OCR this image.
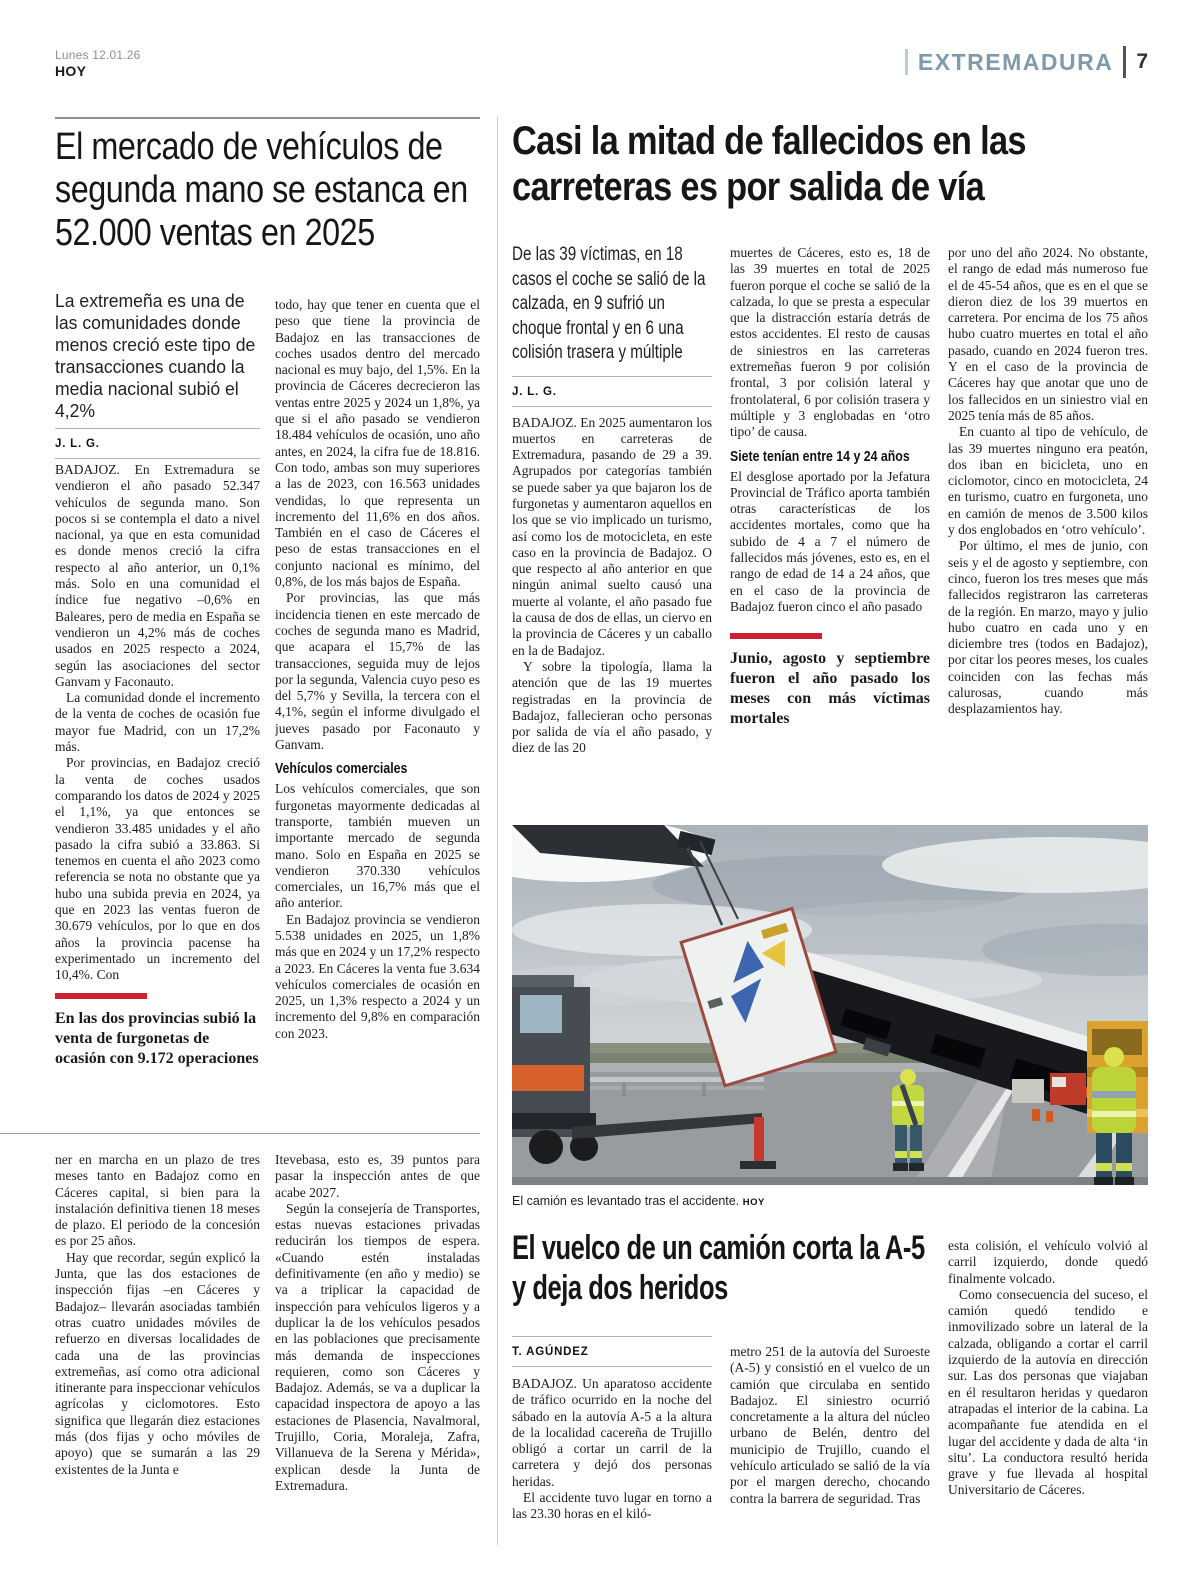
Lunes 12.01.26
HOY	EXTREMADURA 7
El mercado de vehículos de segunda mano se estanca en 52.000 ventas en 2025
La extremeña es una de las comunidades donde menos creció este tipo de transacciones cuando la media nacional subió el 4,2%
J. L. G.

BADAJOZ. En Extremadura se vendieron el año pasado 52.347 vehículos de segunda mano. Son pocos si se contempla el dato a nivel nacional, ya que en esta comunidad es donde menos creció la cifra respecto al año anterior, un 0,1% más. Solo en una comunidad el índice fue negativo –0,6% en Baleares, pero de media en España se vendieron un 4,2% más de coches usados en 2025 respecto a 2024, según las asociaciones del sector Ganvam y Faconauto.

La comunidad donde el incremento de la venta de coches de ocasión fue mayor fue Madrid, con un 17,2% más.

Por provincias, en Badajoz creció la venta de coches usados comparando los datos de 2024 y 2025 el 1,1%, ya que entonces se vendieron 33.485 unidades y el año pasado la cifra subió a 33.863. Si tenemos en cuenta el año 2023 como referencia se nota no obstante que ya hubo una subida previa en 2024, ya que en 2023 las ventas fueron de 30.679 vehículos, por lo que en dos años la provincia pacense ha experimentado un incremento del 10,4%. Con

En las dos provincias subió la venta de furgonetas de ocasión con 9.172 operaciones

todo, hay que tener en cuenta que el peso que tiene la provincia de Badajoz en las transacciones de coches usados dentro del mercado nacional es muy bajo, del 1,5%. En la provincia de Cáceres decrecieron las ventas entre 2025 y 2024 un 1,8%, ya que si el año pasado se vendieron 18.484 vehículos de ocasión, uno año antes, en 2024, la cifra fue de 18.816. Con todo, ambas son muy superiores a las de 2023, con 16.563 unidades vendidas, lo que representa un incremento del 11,6% en dos años. También en el caso de Cáceres el peso de estas transacciones en el conjunto nacional es mínimo, del 0,8%, de los más bajos de España.

Por provincias, las que más incidencia tienen en este mercado de coches de segunda mano es Madrid, que acapara el 15,7% de las transacciones, seguida muy de lejos por la segunda, Valencia cuyo peso es del 5,7% y Sevilla, la tercera con el 4,1%, según el informe divulgado el jueves pasado por Faconauto y Ganvam.

Vehículos comerciales

Los vehículos comerciales, que son furgonetas mayormente dedicadas al transporte, también mueven un importante mercado de segunda mano. Solo en España en 2025 se vendieron 370.330 vehículos comerciales, un 16,7% más que el año anterior.

En Badajoz provincia se vendieron 5.538 unidades en 2025, un 1,8% más que en 2024 y un 17,2% respecto a 2023. En Cáceres la venta fue 3.634 vehículos comerciales de ocasión en 2025, un 1,3% respecto a 2024 y un incremento del 9,8% en comparación con 2023.

ner en marcha en un plazo de tres meses tanto en Badajoz como en Cáceres capital, si bien para la instalación definitiva tienen 18 meses de plazo. El periodo de la concesión es por 25 años.

Hay que recordar, según explicó la Junta, que las dos estaciones de inspección fijas –en Cáceres y Badajoz– llevarán asociadas también otras cuatro unidades móviles de refuerzo en diversas localidades de cada una de las provincias extremeñas, así como otra adicional itinerante para inspeccionar vehículos agrícolas y ciclomotores. Esto significa que llegarán diez estaciones más (dos fijas y ocho móviles de apoyo) que se sumarán a las 29 existentes de la Junta e

Itevebasa, esto es, 39 puntos para pasar la inspección antes de que acabe 2027.

Según la consejería de Transportes, estas nuevas estaciones privadas reducirán los tiempos de espera. «Cuando estén instaladas definitivamente (en año y medio) se va a triplicar la capacidad de inspección para vehículos ligeros y a duplicar la de los vehículos pesados en las poblaciones que precisamente más demanda de inspecciones requieren, como son Cáceres y Badajoz. Además, se va a duplicar la capacidad inspectora de apoyo a las estaciones de Plasencia, Navalmoral, Trujillo, Coria, Moraleja, Zafra, Villanueva de la Serena y Mérida», explican desde la Junta de Extremadura.

Casi la mitad de fallecidos en las carreteras es por salida de vía
De las 39 víctimas, en 18 casos el coche se salió de la calzada, en 9 sufrió un choque frontal y en 6 una colisión trasera y múltiple
J. L. G.

BADAJOZ. En 2025 aumentaron los muertos en carreteras de Extremadura, pasando de 29 a 39. Agrupados por categorías también se puede saber ya que bajaron los de furgonetas y aumentaron aquellos en los que se vio implicado un turismo, así como los de motocicleta, en este caso en la provincia de Badajoz. O que respecto al año anterior en que ningún animal suelto causó una muerte al volante, el año pasado fue la causa de dos de ellas, un ciervo en la provincia de Cáceres y un caballo en la de Badajoz.

Y sobre la tipología, llama la atención que de las 19 muertes registradas en la provincia de Badajoz, fallecieran ocho personas por salida de vía el año pasado, y diez de las 20

muertes de Cáceres, esto es, 18 de las 39 muertes en total de 2025 fueron porque el coche se salió de la calzada, lo que se presta a especular que la distracción estaría detrás de estos accidentes. El resto de causas de siniestros en las carreteras extremeñas fueron 9 por colisión frontal, 3 por colisión lateral y frontolateral, 6 por colisión trasera y múltiple y 3 englobadas en ‘otro tipo’ de causa.

Siete tenían entre 14 y 24 años

El desglose aportado por la Jefatura Provincial de Tráfico aporta también otras características de los accidentes mortales, como que ha subido de 4 a 7 el número de fallecidos más jóvenes, esto es, en el rango de edad de 14 a 24 años, que en el caso de la provincia de Badajoz fueron cinco el año pasado

Junio, agosto y septiembre fueron el año pasado los meses con más víctimas mortales

por uno del año 2024. No obstante, el rango de edad más numeroso fue el de 45-54 años, que es en el que se dieron diez de los 39 muertos en carretera. Por encima de los 75 años hubo cuatro muertes en total el año pasado, cuando en 2024 fueron tres. Y en el caso de la provincia de Cáceres hay que anotar que uno de los fallecidos en un siniestro vial en 2025 tenía más de 85 años.

En cuanto al tipo de vehículo, de las 39 muertes ninguno era peatón, dos iban en bicicleta, uno en ciclomotor, cinco en motocicleta, 24 en turismo, cuatro en furgoneta, uno en camión de menos de 3.500 kilos y dos englobados en ‘otro vehículo’.

Por último, el mes de junio, con seis y el de agosto y septiembre, con cinco, fueron los tres meses que más fallecidos registraron las carreteras de la región. En marzo, mayo y julio hubo cuatro en cada uno y en diciembre tres (todos en Badajoz), por citar los peores meses, los cuales coinciden con las fechas más calurosas, cuando más desplazamientos hay.

El camión es levantado tras el accidente. HOY
El vuelco de un camión corta la A-5 y deja dos heridos
T. AGÚNDEZ

BADAJOZ. Un aparatoso accidente de tráfico ocurrido en la noche del sábado en la autovía A-5 a la altura de la localidad cacereña de Trujillo obligó a cortar un carril de la carretera y dejó dos personas heridas.

El accidente tuvo lugar en torno a las 23.30 horas en el kiló-

metro 251 de la autovía del Suroeste (A-5) y consistió en el vuelco de un camión que circulaba en sentido Badajoz. El siniestro ocurrió concretamente a la altura del núcleo urbano de Belén, dentro del municipio de Trujillo, cuando el vehículo articulado se salió de la vía por el margen derecho, chocando contra la barrera de seguridad. Tras

esta colisión, el vehículo volvió al carril izquierdo, donde quedó finalmente volcado.

Como consecuencia del suceso, el camión quedó tendido e inmovilizado sobre un lateral de la calzada, obligando a cortar el carril izquierdo de la autovía en dirección sur. Las dos personas que viajaban en él resultaron heridas y quedaron atrapadas el interior de la cabina. La acompañante fue atendida en el lugar del accidente y dada de alta ‘in situ’. La conductora resultó herida grave y fue llevada al hospital Universitario de Cáceres.
